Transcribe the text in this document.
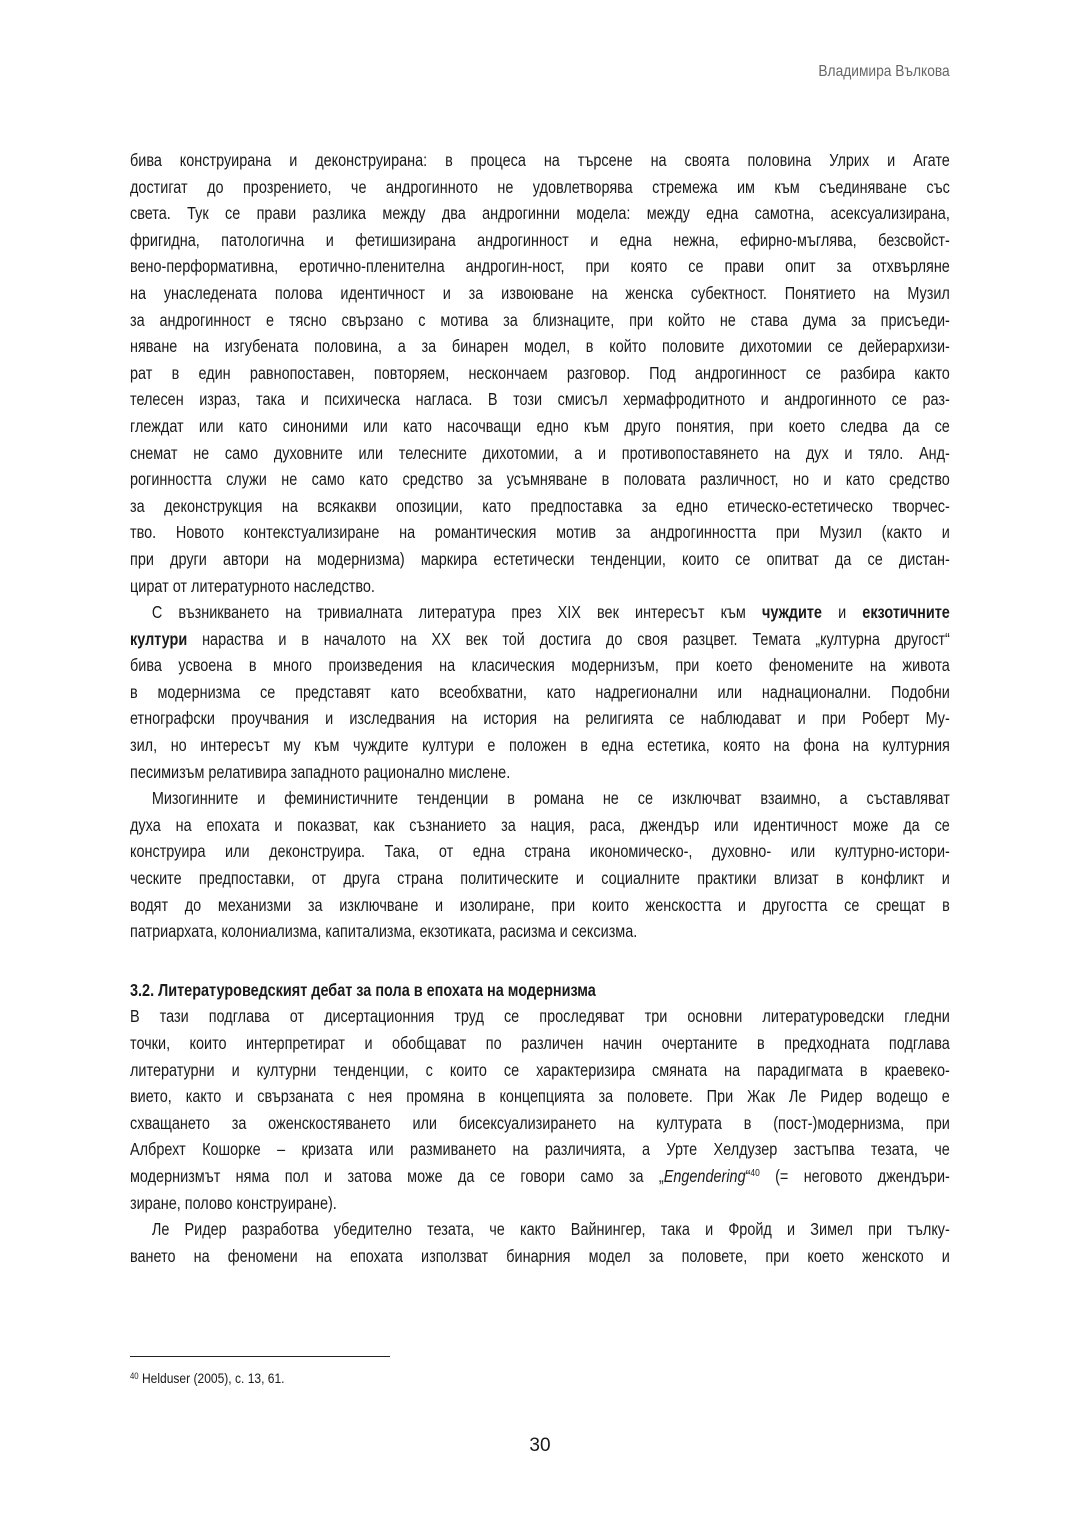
Владимира Вълкова
бива конструирана и деконструирана: в процеса на търсене на своята половина Улрих и Агате
достигат до прозрението, че андрогинното не удовлетворява стремежа им към съединяване със
света. Тук се прави разлика между два андрогинни модела: между една самотна, асексуализирана,
фригидна, патологична и фетишизирана андрогинност и една нежна, ефирно-мъглява, безсвойст-
вено-перформативна, еротично-пленителна андрогин-ност, при която се прави опит за отхвърляне
на унаследената полова идентичност и за извоюване на женска субектност. Понятието на Музил
за андрогинност е тясно свързано с мотива за близнаците, при който не става дума за присъеди-
няване на изгубената половина, а за бинарен модел, в който половите дихотомии се дейерархизи-
рат в един равнопоставен, повторяем, нескончаем разговор. Под андрогинност се разбира както
телесен израз, така и психическа нагласа. В този смисъл хермафродитното и андрогинното се раз-
глеждат или като синоними или като насочващи едно към друго понятия, при което следва да се
снемат не само духовните или телесните дихотомии, а и противопоставянето на дух и тяло. Анд-
рогинността служи не само като средство за усъмняване в половата различност, но и като средство
за деконструкция на всякакви опозиции, като предпоставка за едно етическо-естетическо творчес-
тво. Новото контекстуализиране на романтическия мотив за андрогинността при Музил (както и
при други автори на модернизма) маркира естетически тенденции, които се опитват да се дистан-
цират от литературното наследство.
С възникването на тривиалната литература през XIX век интересът към чуждите и екзотичните
култури нараства и в началото на XX век той достига до своя разцвет. Темата „културна другост“
бива усвоена в много произведения на класическия модернизъм, при което феномените на живота
в модернизма се представят като всеобхватни, като надрегионални или наднационални. Подобни
етнографски проучвания и изследвания на история на религията се наблюдават и при Роберт Му-
зил, но интересът му към чуждите култури е положен в една естетика, която на фона на културния
песимизъм релативира западното рационално мислене.
Мизогинните и феминистичните тенденции в романа не се изключват взаимно, а съставляват
духа на епохата и показват, как съзнанието за нация, раса, джендър или идентичност може да се
конструира или деконструира. Така, от една страна икономическо-, духовно- или културно-истори-
ческите предпоставки, от друга страна политическите и социалните практики влизат в конфликт и
водят до механизми за изключване и изолиране, при които женскостта и другостта се срещат в
патриархата, колониализма, капитализма, екзотиката, расизма и сексизма.
3.2. Литературоведският дебат за пола в епохата на модернизма
В тази подглава от дисертационния труд се проследяват три основни литературоведски гледни
точки, които интерпретират и обобщават по различен начин очертаните в предходната подглава
литературни и културни тенденции, с които се характеризира смяната на парадигмата в краевеко-
вието, както и свързаната с нея промяна в концепцията за половете. При Жак Ле Ридер водещо е
схващането за оженскостяването или бисексуализирането на културата в (пост-)модернизма, при
Албрехт Кошорке – кризата или размиването на различията, а Урте Хелдузер застъпва тезата, че
модернизмът няма пол и затова може да се говори само за „Engendering“$^{40}$ (= неговото джендъри-
зиране, полово конструиране).
Ле Ридер разработва убедително тезата, че както Вайнингер, така и Фройд и Зимел при тълку-
ването на феномени на епохата използват бинарния модел за половете, при което женското и
$^{40}$ Helduser (2005), с. 13, 61.
30
